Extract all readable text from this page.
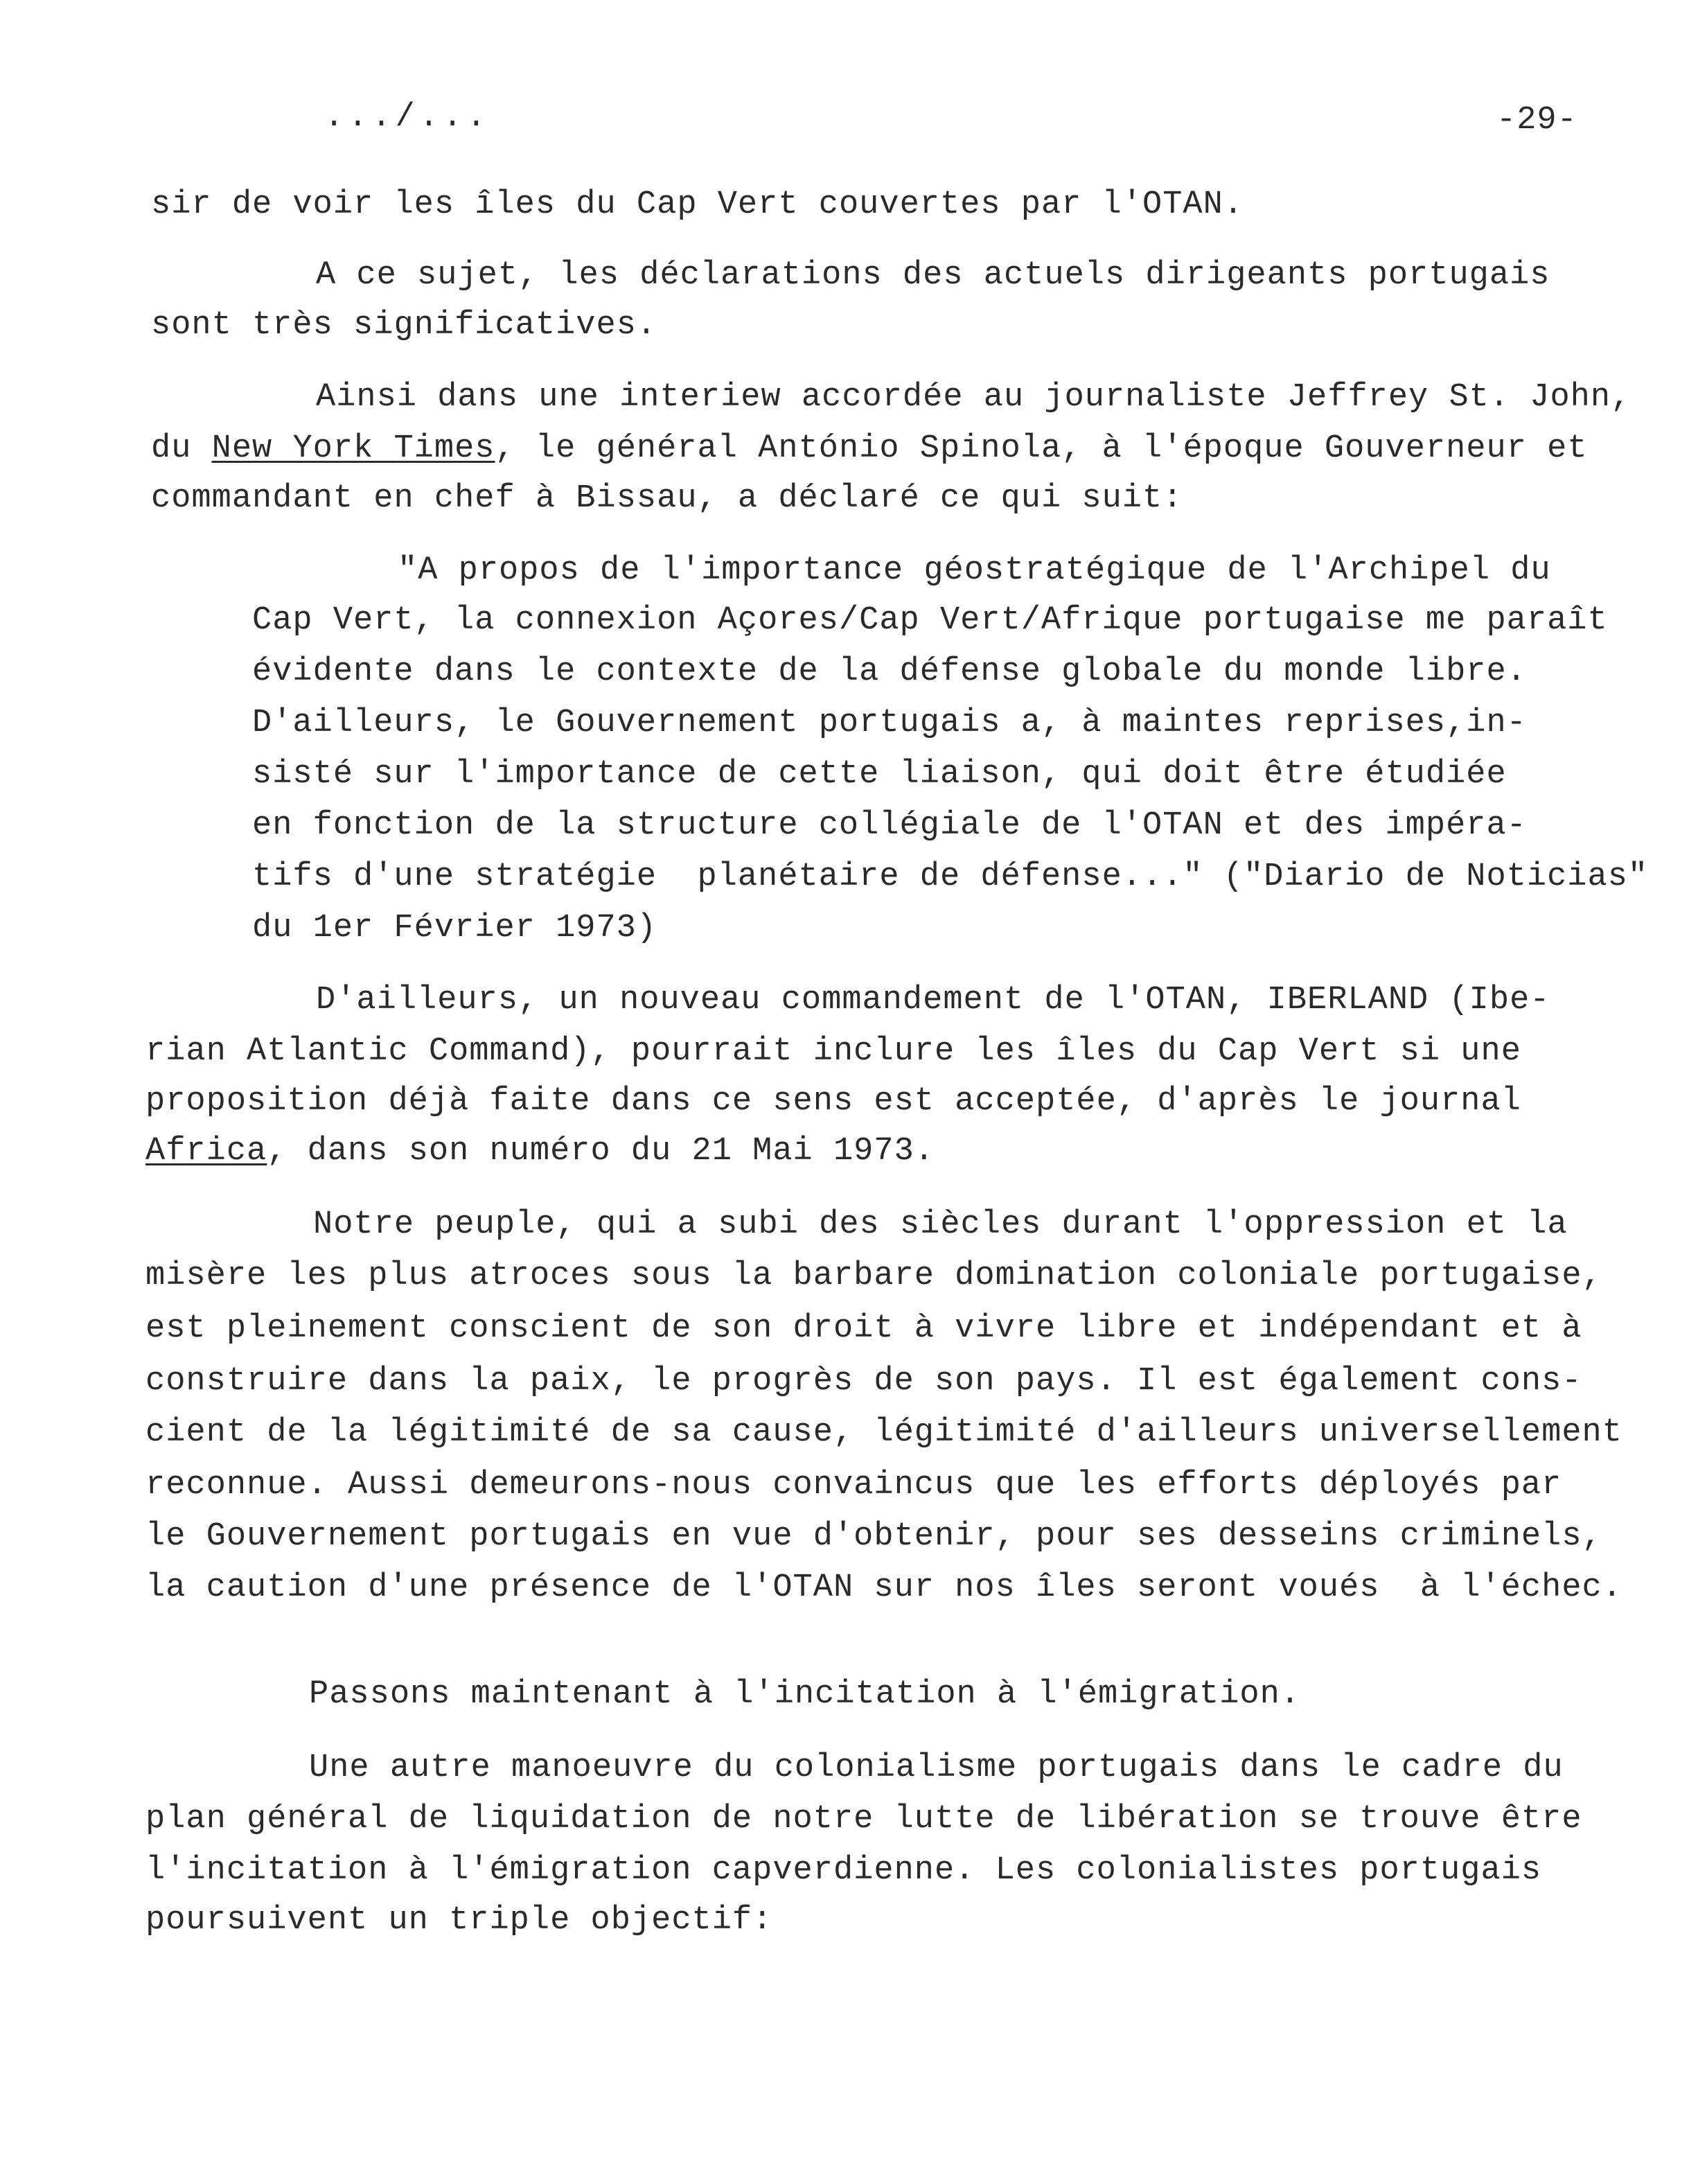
.../...	-29-
sir de voir les îles du Cap Vert couvertes par l'OTAN.
A ce sujet, les déclarations des actuels dirigeants portugais
sont très significatives.
Ainsi dans une interiew accordée au journaliste Jeffrey St. John,
du New York Times, le général António Spinola, à l'époque Gouverneur et
commandant en chef à Bissau, a déclaré ce qui suit:
"A propos de l'importance géostratégique de l'Archipel du
Cap Vert, la connexion Açores/Cap Vert/Afrique portugaise me paraît
évidente dans le contexte de la défense globale du monde libre.
D'ailleurs, le Gouvernement portugais a, à maintes reprises,in-
sisté sur l'importance de cette liaison, qui doit être étudiée
en fonction de la structure collégiale de l'OTAN et des impéra-
tifs d'une stratégie  planétaire de défense..." ("Diario de Noticias"
du 1er Février 1973)
D'ailleurs, un nouveau commandement de l'OTAN, IBERLAND (Ibe-
rian Atlantic Command), pourrait inclure les îles du Cap Vert si une
proposition déjà faite dans ce sens est acceptée, d'après le journal
Africa, dans son numéro du 21 Mai 1973.
Notre peuple, qui a subi des siècles durant l'oppression et la
misère les plus atroces sous la barbare domination coloniale portugaise,
est pleinement conscient de son droit à vivre libre et indépendant et à
construire dans la paix, le progrès de son pays. Il est également cons-
cient de la légitimité de sa cause, légitimité d'ailleurs universellement
reconnue. Aussi demeurons-nous convaincus que les efforts déployés par
le Gouvernement portugais en vue d'obtenir, pour ses desseins criminels,
la caution d'une présence de l'OTAN sur nos îles seront voués  à l'échec.
Passons maintenant à l'incitation à l'émigration.
Une autre manoeuvre du colonialisme portugais dans le cadre du
plan général de liquidation de notre lutte de libération se trouve être
l'incitation à l'émigration capverdienne. Les colonialistes portugais
poursuivent un triple objectif:
